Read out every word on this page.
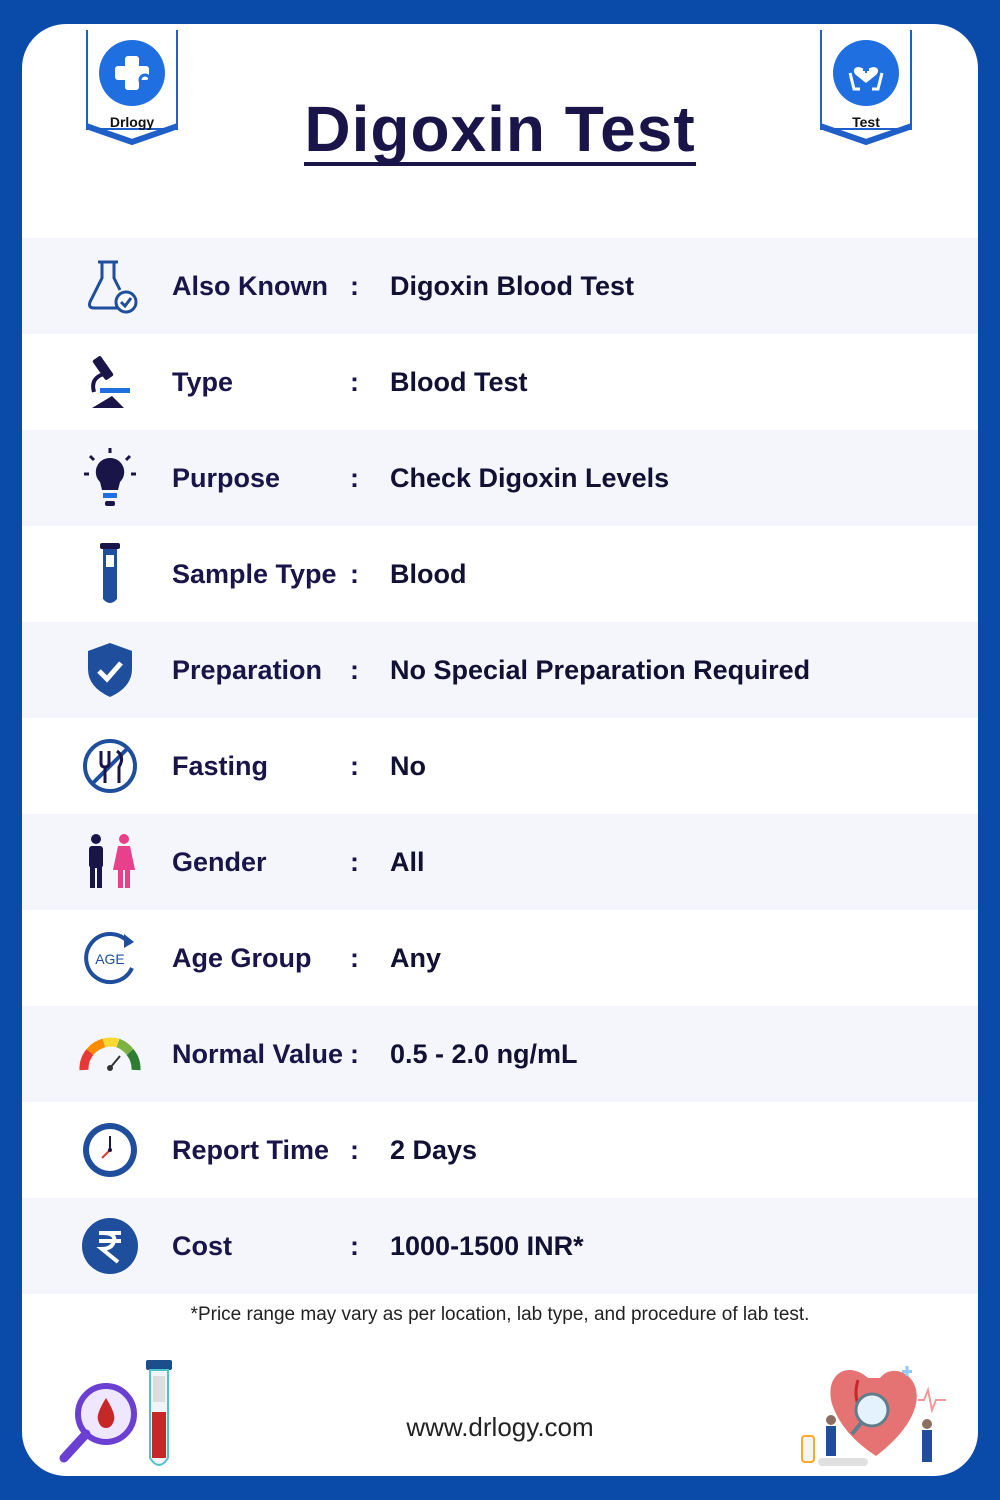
Drlogy	Test
Digoxin Test
Also Known : Digoxin Blood Test
Type	: Blood Test
Purpose	: Check Digoxin Levels
Sample Type : Blood
Preparation : No Special Preparation Required
Fasting	: No
Gender	: All
AGE Age Group : Any
Normal Value : 0.5 - 2.0 ng/mL
Report Time : 2 Days
Cost	: 1000-1500 INR*
*Price range may vary as per location, lab type, and procedure of lab test.
www.drlogy.com
